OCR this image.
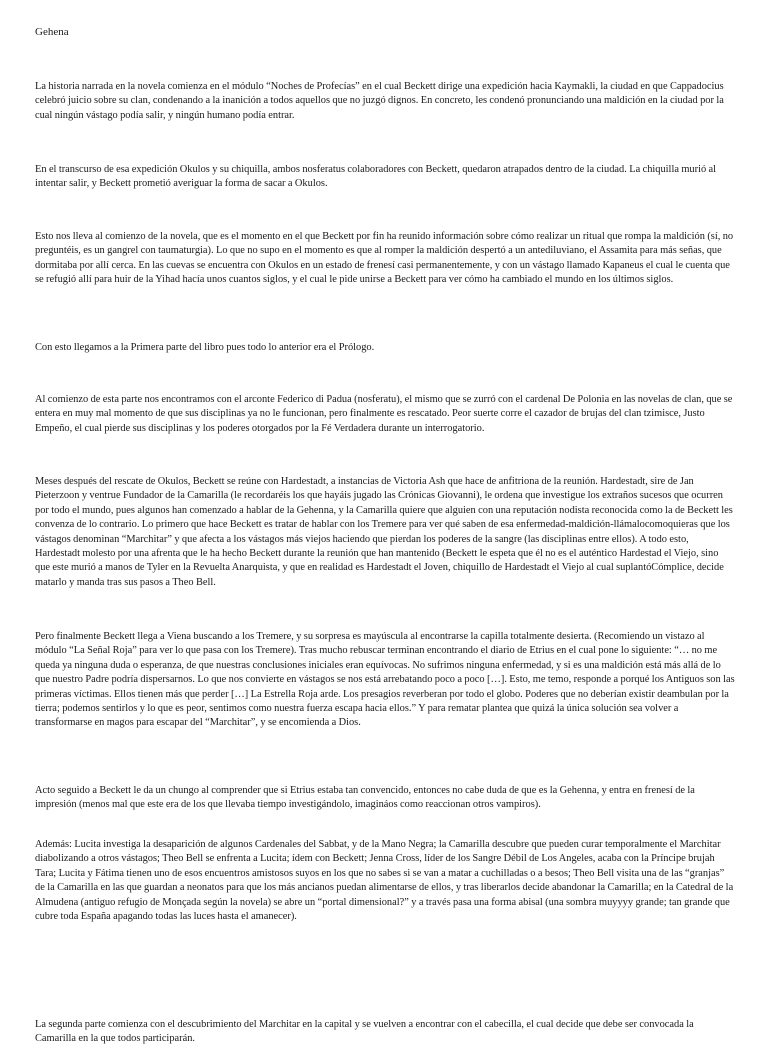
Gehena

La historia narrada en la novela comienza en el módulo “Noches de Profecías” en el cual Beckett dirige una expedición hacia Kaymakli, la ciudad en que Cappadocius celebró juicio sobre su clan, condenando a la inanición a todos aquellos que no juzgó dignos. En concreto, les condenó pronunciando una maldición en la ciudad por la cual ningún vástago podía salir, y ningún humano podía entrar.

En el transcurso de esa expedición Okulos y su chiquilla, ambos nosferatus colaboradores con Beckett, quedaron atrapados dentro de la ciudad. La chiquilla murió al intentar salir, y Beckett prometió averiguar la forma de sacar a Okulos.

Esto nos lleva al comienzo de la novela, que es el momento en el que Beckett por fin ha reunido información sobre cómo realizar un ritual que rompa la maldición (sí, no preguntéis, es un gangrel con taumaturgia). Lo que no supo en el momento es que al romper la maldición despertó a un antediluviano, el Assamita para más señas, que dormitaba por allí cerca. En las cuevas se encuentra con Okulos en un estado de frenesí casi permanentemente, y con un vástago llamado Kapaneus el cual le cuenta que se refugió allí para huir de la Yihad hacía unos cuantos siglos, y el cual le pide unirse a Beckett para ver cómo ha cambiado el mundo en los últimos siglos.

Con esto llegamos a la Primera parte del libro pues todo lo anterior era el Prólogo.

Al comienzo de esta parte nos encontramos con el arconte Federico di Padua (nosferatu), el mismo que se zurró con el cardenal De Polonia en las novelas de clan, que se entera en muy mal momento de que sus disciplinas ya no le funcionan, pero finalmente es rescatado. Peor suerte corre el cazador de brujas del clan tzimisce, Justo Empeño, el cual pierde sus disciplinas y los poderes otorgados por la Fé Verdadera durante un interrogatorio.

Meses después del rescate de Okulos, Beckett se reúne con Hardestadt, a instancias de Victoria Ash que hace de anfitriona de la reunión. Hardestadt, sire de Jan Pieterzoon y ventrue Fundador de la Camarilla (le recordaréis los que hayáis jugado las Crónicas Giovanni), le ordena que investigue los extraños sucesos que ocurren por todo el mundo, pues algunos han comenzado a hablar de la Gehenna, y la Camarilla quiere que alguien con una reputación nodista reconocida como la de Beckett les convenza de lo contrario. Lo primero que hace Beckett es tratar de hablar con los Tremere para ver qué saben de esa enfermedad-maldición-llámalocomoquieras que los vástagos denominan “Marchitar” y que afecta a los vástagos más viejos haciendo que pierdan los poderes de la sangre (las disciplinas entre ellos). A todo esto, Hardestadt molesto por una afrenta que le ha hecho Beckett durante la reunión que han mantenido (Beckett le espeta que él no es el auténtico Hardestad el Viejo, sino que este murió a manos de Tyler en la Revuelta Anarquista, y que en realidad es Hardestadt el Joven, chiquillo de Hardestadt el Viejo al cual suplantóCómplice, decide matarlo y manda tras sus pasos a Theo Bell.

Pero finalmente Beckett llega a Viena buscando a los Tremere, y su sorpresa es mayúscula al encontrarse la capilla totalmente desierta. (Recomiendo un vistazo al módulo “La Señal Roja” para ver lo que pasa con los Tremere). Tras mucho rebuscar terminan encontrando el diario de Etrius en el cual pone lo siguiente: “… no me queda ya ninguna duda o esperanza, de que nuestras conclusiones iniciales eran equívocas. No sufrimos ninguna enfermedad, y si es una maldición está más allá de lo que nuestro Padre podría dispersarnos. Lo que nos convierte en vástagos se nos está arrebatando poco a poco […]. Esto, me temo, responde a porqué los Antiguos son las primeras víctimas. Ellos tienen más que perder […] La Estrella Roja arde. Los presagios reverberan por todo el globo. Poderes que no deberían existir deambulan por la tierra; podemos sentirlos y lo que es peor, sentimos como nuestra fuerza escapa hacia ellos.” Y para rematar plantea que quizá la única solución sea volver a transformarse en magos para escapar del “Marchitar”, y se encomienda a Dios.

Acto seguido a Beckett le da un chungo al comprender que si Etrius estaba tan convencido, entonces no cabe duda de que es la Gehenna, y entra en frenesí de la impresión (menos mal que este era de los que llevaba tiempo investigándolo, imagináos como reaccionan otros vampiros).

Además: Lucita investiga la desaparición de algunos Cardenales del Sabbat, y de la Mano Negra; la Camarilla descubre que pueden curar temporalmente el Marchitar diabolizando a otros vástagos; Theo Bell se enfrenta a Lucita; ídem con Beckett; Jenna Cross, líder de los Sangre Débil de Los Angeles, acaba con la Príncipe brujah Tara; Lucita y Fátima tienen uno de esos encuentros amistosos suyos en los que no sabes si se van a matar a cuchilladas o a besos; Theo Bell visita una de las “granjas” de la Camarilla en las que guardan a neonatos para que los más ancianos puedan alimentarse de ellos, y tras liberarlos decide abandonar la Camarilla; en la Catedral de la Almudena (antiguo refugio de Monçada según la novela) se abre un “portal dimensional?” y a través pasa una forma abisal (una sombra muyyyy grande; tan grande que cubre toda España apagando todas las luces hasta el amanecer).

La segunda parte comienza con el descubrimiento del Marchitar en la capital y se vuelven a encontrar con el cabecilla, el cual decide que debe ser convocada la Camarilla en la que todos participarán.
